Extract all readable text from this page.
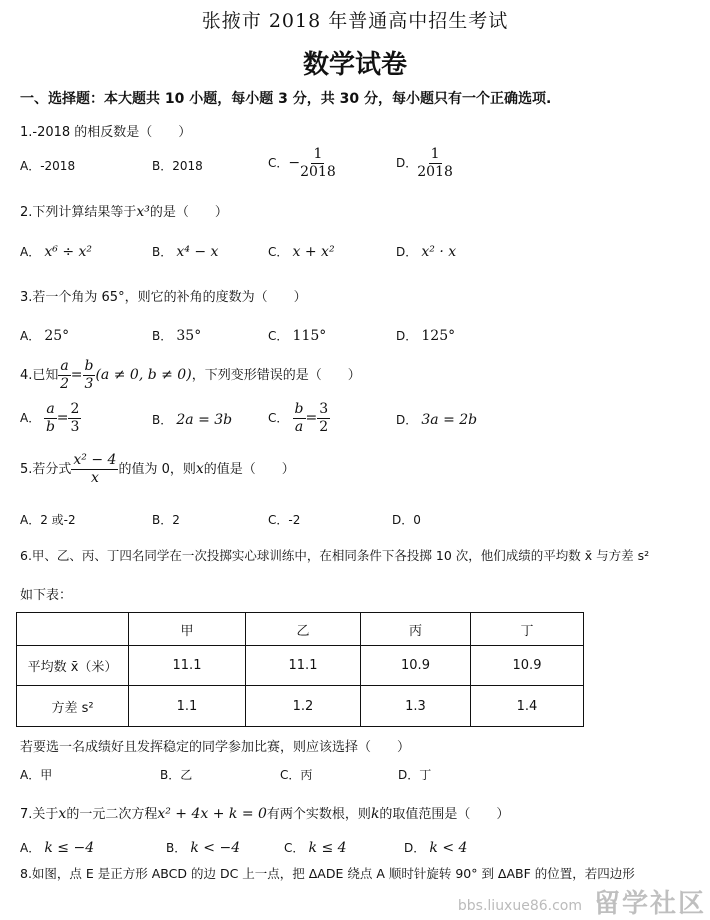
张掖市 2018 年普通高中招生考试
数学试卷
一、选择题：本大题共 10 小题，每小题 3 分，共 30 分，每小题只有一个正确选项.
1.-2018 的相反数是（　　）
A．-2018	B．2018	C．− $\frac{1}{2018}$	D． $\frac{1}{2018}$
2.下列计算结果等于x³的是（　　）
A． x⁶ ÷ x²	B． x⁴ − x	C． x + x²	D． x² · x
3.若一个角为 65°，则它的补角的度数为（　　）
A． 25°	B． 35°	C． 115°	D． 125°
4.已知 $\frac{a}{2} = \frac{b}{3} (a \ne 0$, b ≠ 0)，下列变形错误的是（　　）
A． $\frac{a}{b} = \frac{2}{3}$	B． 2a = 3b	C． $\frac{b}{a} = \frac{3}{2}$	D． 3a = 2b
5.若分式 $\frac{\text{x² − 4}}{x}$ 的值为 0，则x的值是（　　）
A．2 或-2	B．2	C．-2	D．0
6.甲、乙、丙、丁四名同学在一次投掷实心球训练中，在相同条件下各投掷 10 次，他们成绩的平均数 x̄ 与方差 s²
如下表：
	甲	乙	丙	丁
平均数 x̄（米）	11.1	11.1	10.9	10.9
方差 s²	1.1	1.2	1.3	1.4
若要选一名成绩好且发挥稳定的同学参加比赛，则应该选择（　　）
A．甲	B．乙	C．丙	D．丁
7.关于x的一元二次方程x² + 4x + k = 0有两个实数根，则k的取值范围是（　　）
A． k ≤ −4	B． k < −4	C． k ≤ 4	D． k < 4
8.如图，点 E 是正方形 ABCD 的边 DC 上一点，把 ΔADE 绕点 A 顺时针旋转 90° 到 ΔABF 的位置，若四边形
留学社区
bbs.liuxue86.com
